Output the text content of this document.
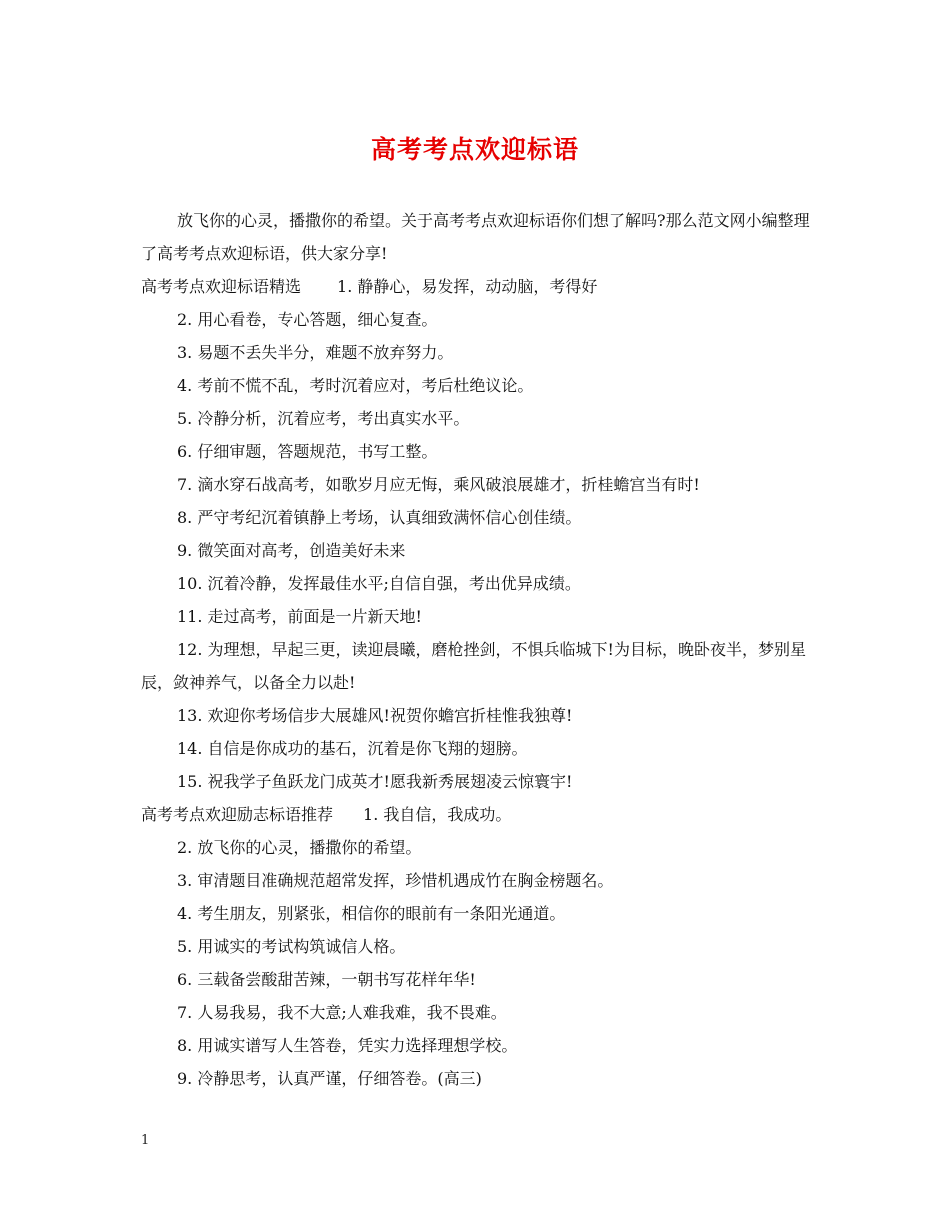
高考考点欢迎标语

放飞你的心灵，播撒你的希望。关于高考考点欢迎标语你们想了解吗?那么范文网小编整理了高考考点欢迎标语，供大家分享!

高考考点欢迎标语精选 1. 静静心，易发挥，动动脑，考得好

2. 用心看卷，专心答题，细心复查。

3. 易题不丢失半分，难题不放弃努力。

4. 考前不慌不乱，考时沉着应对，考后杜绝议论。

5. 冷静分析，沉着应考，考出真实水平。

6. 仔细审题，答题规范，书写工整。

7. 滴水穿石战高考，如歌岁月应无悔，乘风破浪展雄才，折桂蟾宫当有时!

8. 严守考纪沉着镇静上考场，认真细致满怀信心创佳绩。

9. 微笑面对高考，创造美好未来

10. 沉着冷静，发挥最佳水平;自信自强，考出优异成绩。

11. 走过高考，前面是一片新天地!

12. 为理想，早起三更，读迎晨曦，磨枪挫剑，不惧兵临城下!为目标，晚卧夜半，梦别星辰，敛神养气，以备全力以赴!

13. 欢迎你考场信步大展雄风!祝贺你蟾宫折桂惟我独尊!

14. 自信是你成功的基石，沉着是你飞翔的翅膀。

15. 祝我学子鱼跃龙门成英才!愿我新秀展翅凌云惊寰宇!

高考考点欢迎励志标语推荐 1. 我自信，我成功。

2. 放飞你的心灵，播撒你的希望。

3. 审清题目准确规范超常发挥，珍惜机遇成竹在胸金榜题名。

4. 考生朋友，别紧张，相信你的眼前有一条阳光通道。

5. 用诚实的考试构筑诚信人格。

6. 三载备尝酸甜苦辣，一朝书写花样年华!

7. 人易我易，我不大意;人难我难，我不畏难。

8. 用诚实谱写人生答卷，凭实力选择理想学校。

9. 冷静思考，认真严谨，仔细答卷。(高三)

1
